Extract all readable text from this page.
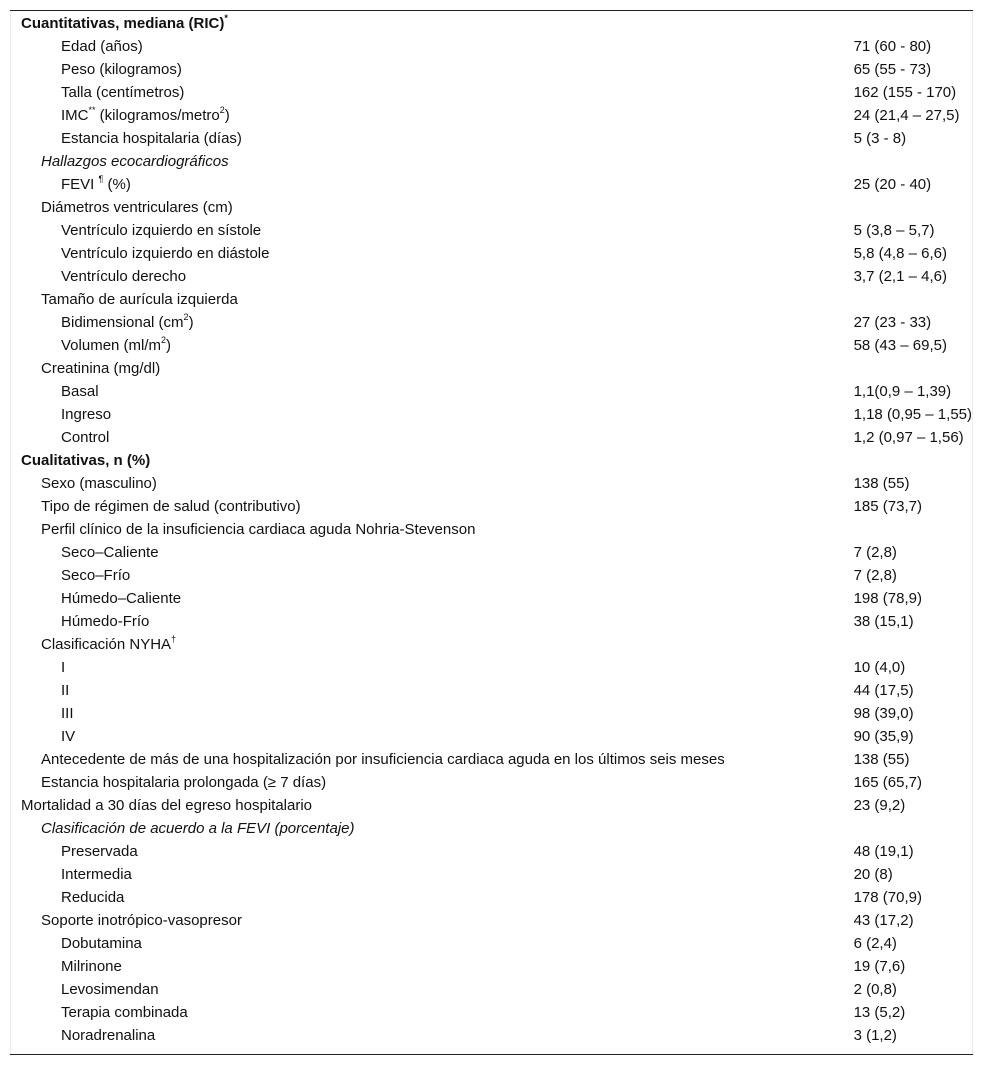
Cuantitativas, mediana (RIC)*	
Edad (años)	71 (60 - 80)
Peso (kilogramos)	65 (55 - 73)
Talla (centímetros)	162 (155 - 170)
IMC** (kilogramos/metro$^2$)	24 (21,4 – 27,5)
Estancia hospitalaria (días)	5 (3 - 8)
Hallazgos ecocardiográficos	
FEVI ¶ (%)	25 (20 - 40)
Diámetros ventriculares (cm)	
Ventrículo izquierdo en sístole	5 (3,8 – 5,7)
Ventrículo izquierdo en diástole	5,8 (4,8 – 6,6)
Ventrículo derecho	3,7 (2,1 – 4,6)
Tamaño de aurícula izquierda	
Bidimensional $(cm^2)$	27 (23 - 33)
Volumen $(ml/m^2)$	58 (43 – 69,5)
Creatinina (mg/dl)	
Basal	1,1(0,9 – 1,39)
Ingreso	1,18 (0,95 – 1,55)
Control	1,2 (0,97 – 1,56)
Cualitativas, n (%)	
Sexo (masculino)	138 (55)
Tipo de régimen de salud (contributivo)	185 (73,7)
Perfil clínico de la insuficiencia cardiaca aguda Nohria-Stevenson	
Seco–Caliente	7 (2,8)
Seco–Frío	7 (2,8)
Húmedo–Caliente	198 (78,9)
Húmedo-Frío	38 (15,1)
Clasificación NYHA†	
I	10 (4,0)
II	44 (17,5)
III	98 (39,0)
IV	90 (35,9)
Antecedente de más de una hospitalización por insuficiencia cardiaca aguda en los últimos seis meses	138 (55)
Estancia hospitalaria prolongada (≥ 7 días)	165 (65,7)
Mortalidad a 30 días del egreso hospitalario	23 (9,2)
Clasificación de acuerdo a la FEVI (porcentaje)	
Preservada	48 (19,1)
Intermedia	20 (8)
Reducida	178 (70,9)
Soporte inotrópico-vasopresor	43 (17,2)
Dobutamina	6 (2,4)
Milrinone	19 (7,6)
Levosimendan	2 (0,8)
Terapia combinada	13 (5,2)
Noradrenalina	3 (1,2)
